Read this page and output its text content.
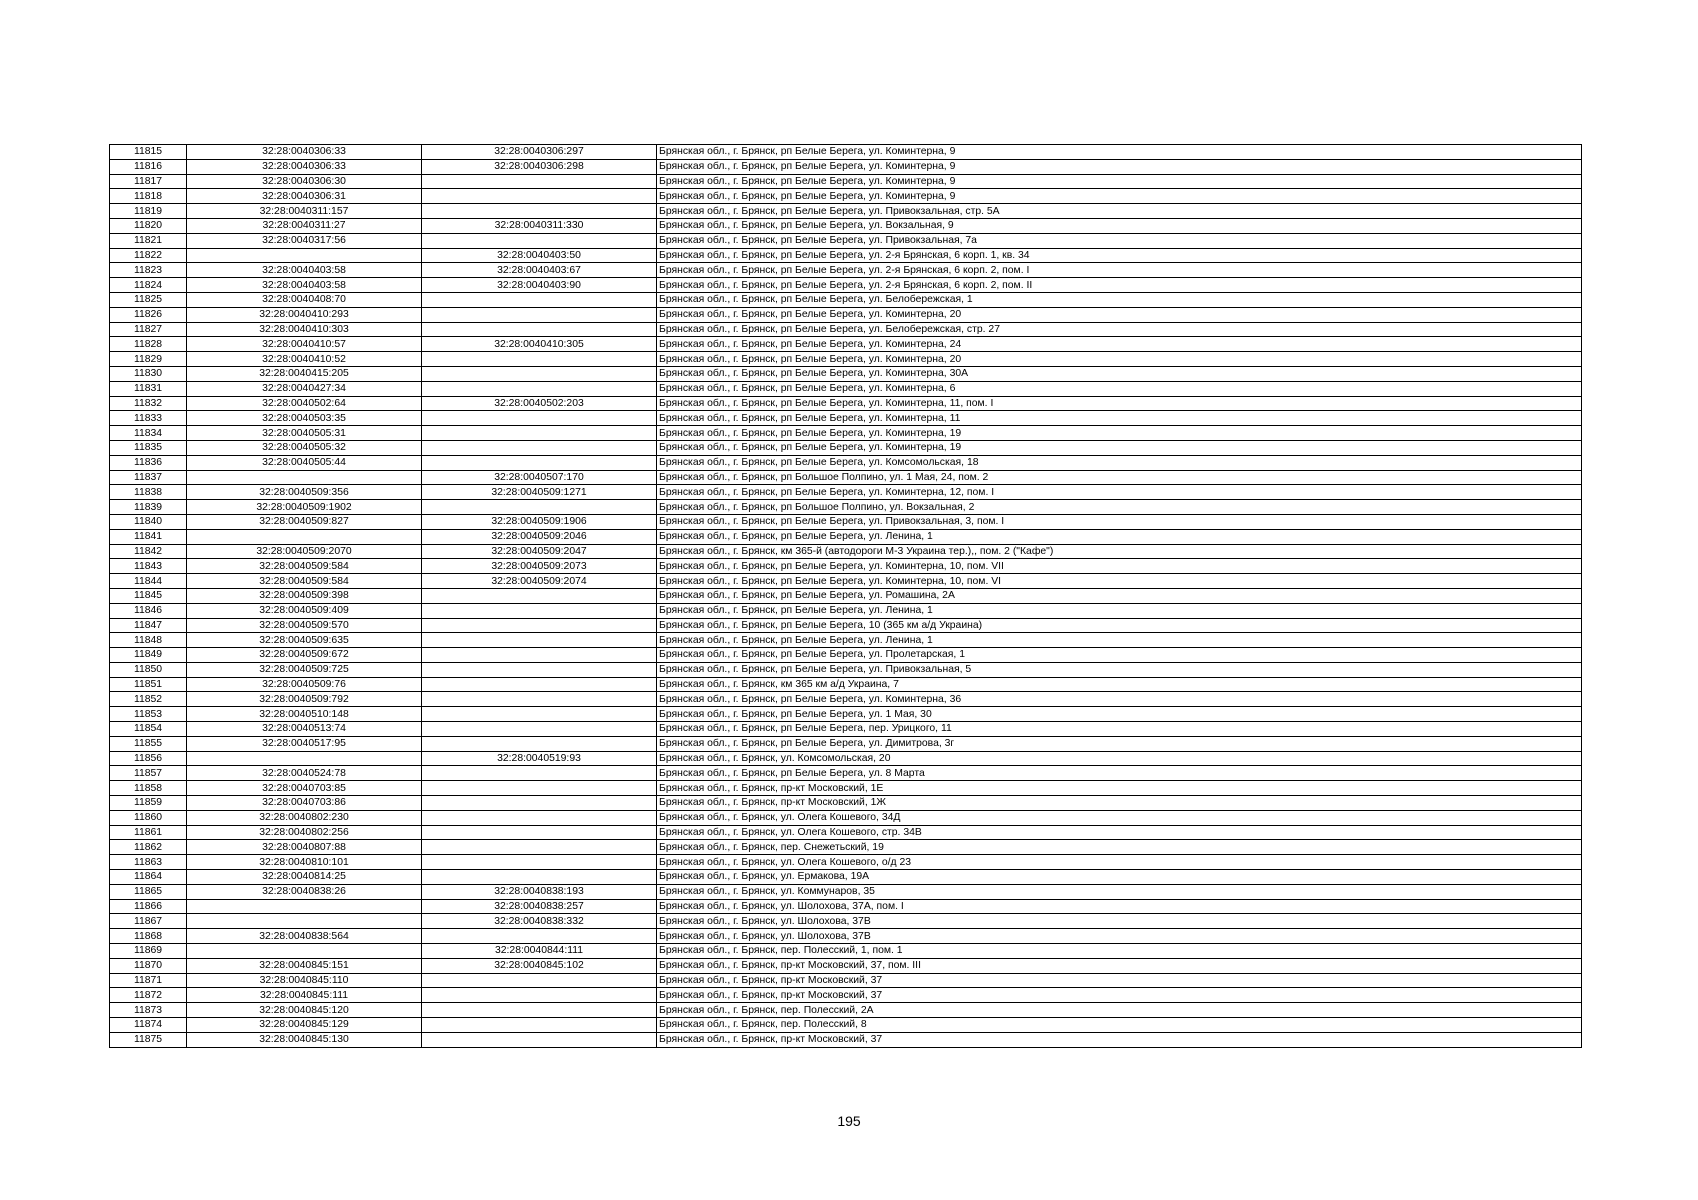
11815	32:28:0040306:33	32:28:0040306:297	Брянская обл., г. Брянск, рп Белые Берега, ул. Коминтерна, 9
11816	32:28:0040306:33	32:28:0040306:298	Брянская обл., г. Брянск, рп Белые Берега, ул. Коминтерна, 9
11817	32:28:0040306:30		Брянская обл., г. Брянск, рп Белые Берега, ул. Коминтерна, 9
11818	32:28:0040306:31		Брянская обл., г. Брянск, рп Белые Берега, ул. Коминтерна, 9
11819	32:28:0040311:157		Брянская обл., г. Брянск, рп Белые Берега, ул. Привокзальная, стр. 5А
11820	32:28:0040311:27	32:28:0040311:330	Брянская обл., г. Брянск, рп Белые Берега, ул. Вокзальная, 9
11821	32:28:0040317:56		Брянская обл., г. Брянск, рп Белые Берега, ул. Привокзальная, 7а
11822		32:28:0040403:50	Брянская обл., г. Брянск, рп Белые Берега, ул. 2-я Брянская, 6 корп. 1, кв. 34
11823	32:28:0040403:58	32:28:0040403:67	Брянская обл., г. Брянск, рп Белые Берега, ул. 2-я Брянская, 6 корп. 2, пом. I
11824	32:28:0040403:58	32:28:0040403:90	Брянская обл., г. Брянск, рп Белые Берега, ул. 2-я Брянская, 6 корп. 2, пом. II
11825	32:28:0040408:70		Брянская обл., г. Брянск, рп Белые Берега, ул. Белобережская, 1
11826	32:28:0040410:293		Брянская обл., г. Брянск, рп Белые Берега, ул. Коминтерна, 20
11827	32:28:0040410:303		Брянская обл., г. Брянск, рп Белые Берега, ул. Белобережская, стр. 27
11828	32:28:0040410:57	32:28:0040410:305	Брянская обл., г. Брянск, рп Белые Берега, ул. Коминтерна, 24
11829	32:28:0040410:52		Брянская обл., г. Брянск, рп Белые Берега, ул. Коминтерна, 20
11830	32:28:0040415:205		Брянская обл., г. Брянск, рп Белые Берега, ул. Коминтерна, 30А
11831	32:28:0040427:34		Брянская обл., г. Брянск, рп Белые Берега, ул. Коминтерна, 6
11832	32:28:0040502:64	32:28:0040502:203	Брянская обл., г. Брянск, рп Белые Берега, ул. Коминтерна, 11, пом. I
11833	32:28:0040503:35		Брянская обл., г. Брянск, рп Белые Берега, ул. Коминтерна, 11
11834	32:28:0040505:31		Брянская обл., г. Брянск, рп Белые Берега, ул. Коминтерна, 19
11835	32:28:0040505:32		Брянская обл., г. Брянск, рп Белые Берега, ул. Коминтерна, 19
11836	32:28:0040505:44		Брянская обл., г. Брянск, рп Белые Берега, ул. Комсомольская, 18
11837		32:28:0040507:170	Брянская обл., г. Брянск, рп Большое Полпино, ул. 1 Мая, 24, пом. 2
11838	32:28:0040509:356	32:28:0040509:1271	Брянская обл., г. Брянск, рп Белые Берега, ул. Коминтерна, 12, пом. I
11839	32:28:0040509:1902		Брянская обл., г. Брянск, рп Большое Полпино, ул. Вокзальная, 2
11840	32:28:0040509:827	32:28:0040509:1906	Брянская обл., г. Брянск, рп Белые Берега, ул. Привокзальная, 3, пом. I
11841		32:28:0040509:2046	Брянская обл., г. Брянск, рп Белые Берега, ул. Ленина, 1
11842	32:28:0040509:2070	32:28:0040509:2047	Брянская обл., г. Брянск, км 365-й (автодороги М-3 Украина тер.),, пом. 2 ("Кафе")
11843	32:28:0040509:584	32:28:0040509:2073	Брянская обл., г. Брянск, рп Белые Берега, ул. Коминтерна, 10, пом. VII
11844	32:28:0040509:584	32:28:0040509:2074	Брянская обл., г. Брянск, рп Белые Берега, ул. Коминтерна, 10, пом. VI
11845	32:28:0040509:398		Брянская обл., г. Брянск, рп Белые Берега, ул. Ромашина, 2А
11846	32:28:0040509:409		Брянская обл., г. Брянск, рп Белые Берега, ул. Ленина, 1
11847	32:28:0040509:570		Брянская обл., г. Брянск, рп Белые Берега, 10 (365 км а/д Украина)
11848	32:28:0040509:635		Брянская обл., г. Брянск, рп Белые Берега, ул. Ленина, 1
11849	32:28:0040509:672		Брянская обл., г. Брянск, рп Белые Берега, ул. Пролетарская, 1
11850	32:28:0040509:725		Брянская обл., г. Брянск, рп Белые Берега, ул. Привокзальная, 5
11851	32:28:0040509:76		Брянская обл., г. Брянск, км 365 км а/д Украина, 7
11852	32:28:0040509:792		Брянская обл., г. Брянск, рп Белые Берега, ул. Коминтерна, 36
11853	32:28:0040510:148		Брянская обл., г. Брянск, рп Белые Берега, ул. 1 Мая, 30
11854	32:28:0040513:74		Брянская обл., г. Брянск, рп Белые Берега, пер. Урицкого, 11
11855	32:28:0040517:95		Брянская обл., г. Брянск, рп Белые Берега, ул. Димитрова, 3г
11856		32:28:0040519:93	Брянская обл., г. Брянск, ул. Комсомольская, 20
11857	32:28:0040524:78		Брянская обл., г. Брянск, рп Белые Берега, ул. 8 Марта
11858	32:28:0040703:85		Брянская обл., г. Брянск, пр-кт Московский, 1Е
11859	32:28:0040703:86		Брянская обл., г. Брянск, пр-кт Московский, 1Ж
11860	32:28:0040802:230		Брянская обл., г. Брянск, ул. Олега Кошевого, 34Д
11861	32:28:0040802:256		Брянская обл., г. Брянск, ул. Олега Кошевого, стр. 34В
11862	32:28:0040807:88		Брянская обл., г. Брянск, пер. Снежетьский, 19
11863	32:28:0040810:101		Брянская обл., г. Брянск, ул. Олега Кошевого, о/д 23
11864	32:28:0040814:25		Брянская обл., г. Брянск, ул. Ермакова, 19А
11865	32:28:0040838:26	32:28:0040838:193	Брянская обл., г. Брянск, ул. Коммунаров, 35
11866		32:28:0040838:257	Брянская обл., г. Брянск, ул. Шолохова, 37А, пом. I
11867		32:28:0040838:332	Брянская обл., г. Брянск, ул. Шолохова, 37В
11868	32:28:0040838:564		Брянская обл., г. Брянск, ул. Шолохова, 37В
11869		32:28:0040844:111	Брянская обл., г. Брянск, пер. Полесский, 1, пом. 1
11870	32:28:0040845:151	32:28:0040845:102	Брянская обл., г. Брянск, пр-кт Московский, 37, пом. III
11871	32:28:0040845:110		Брянская обл., г. Брянск, пр-кт Московский, 37
11872	32:28:0040845:111		Брянская обл., г. Брянск, пр-кт Московский, 37
11873	32:28:0040845:120		Брянская обл., г. Брянск, пер. Полесский, 2А
11874	32:28:0040845:129		Брянская обл., г. Брянск, пер. Полесский, 8
11875	32:28:0040845:130		Брянская обл., г. Брянск, пр-кт Московский, 37
195
